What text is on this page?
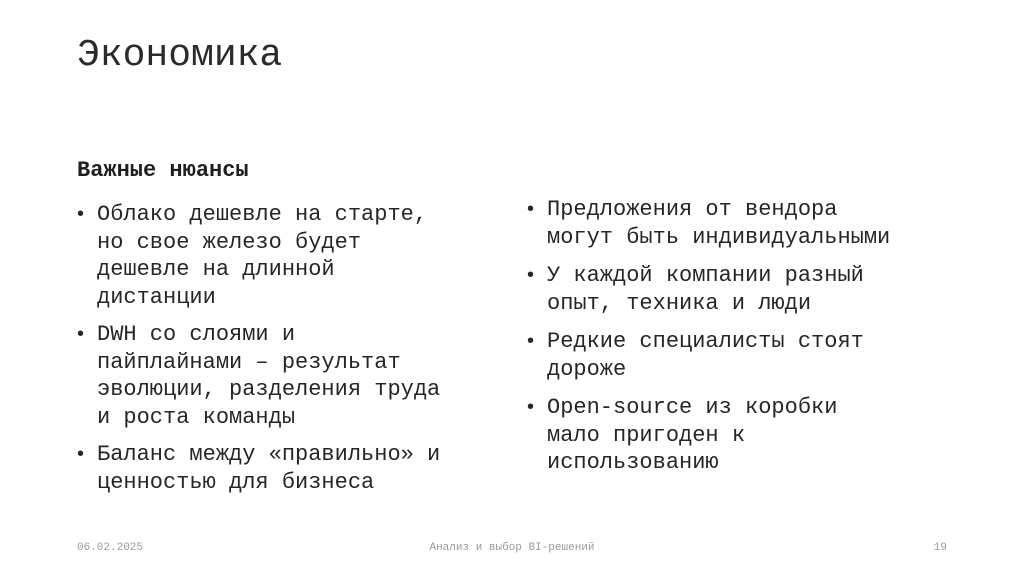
Экономика
Важные нюансы
• Облако дешевле на старте,
но свое железо будет
дешевле на длинной
дистанции
• DWH со слоями и
пайплайнами – результат
эволюции, разделения труда
и роста команды
• Баланс между «правильно» и
ценностью для бизнеса
• Предложения от вендора
могут быть индивидуальными
• У каждой компании разный
опыт, техника и люди
• Редкие специалисты стоят
дороже
• Open-source из коробки
мало пригоден к
использованию
06.02.2025	Анализ и выбор BI-решений	19
